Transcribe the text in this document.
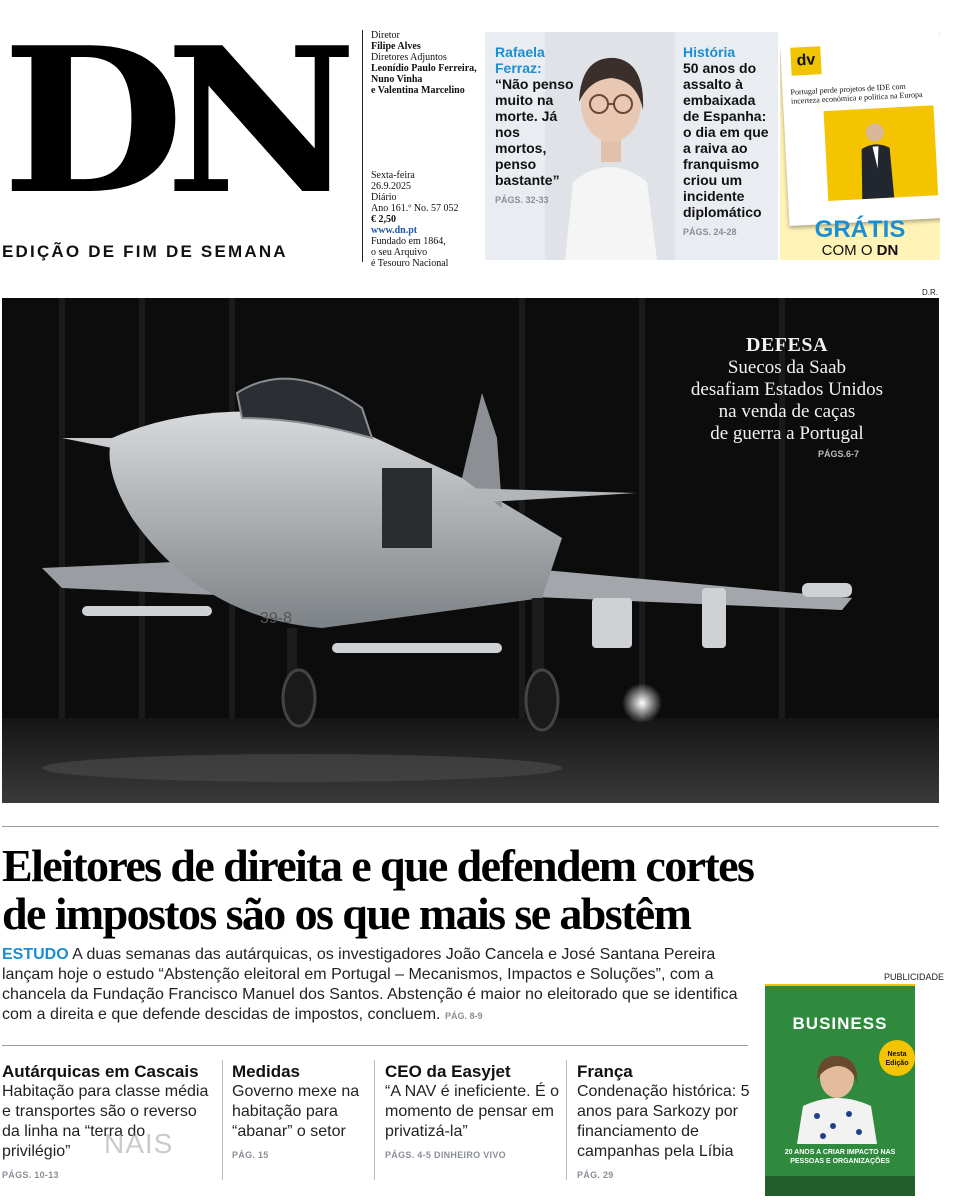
DN
EDIÇÃO DE FIM DE SEMANA
Diretor
Filipe Alves
Diretores Adjuntos
Leonídio Paulo Ferreira,
Nuno Vinha
e Valentina Marcelino
Sexta-feira
26.9.2025
Diário
Ano 161.º No. 57 052
€ 2,50
www.dn.pt
Fundado em 1864,
o seu Arquivo
é Tesouro Nacional
Rafaela Ferraz:
“Não penso muito na morte. Já nos mortos, penso bastante”
PÁGS. 32-33
História
50 anos do assalto à embaixada de Espanha: o dia em que a raiva ao franquismo criou um incidente diplomático
PÁGS. 24-28
dv
Portugal perde projetos de IDE com incerteza económica e política na Europa
GRÁTIS
COM O DN
D.R.
39-8
DEFESA
Suecos da Saab
desafiam Estados Unidos
na venda de caças
de guerra a Portugal
PÁGS.6-7
Eleitores de direita e que defendem cortes
de impostos são os que mais se abstêm
ESTUDO A duas semanas das autárquicas, os investigadores João Cancela e José Santana Pereira lançam hoje o estudo “Abstenção eleitoral em Portugal – Mecanismos, Impactos e Soluções”, com a chancela da Fundação Francisco Manuel dos Santos. Abstenção é maior no eleitorado que se identifica com a direita e que defende descidas de impostos, concluem. PÁG. 8-9
Autárquicas em Cascais

Habitação para classe média e transportes são o reverso da linha na “terra do privilégio”

PÁGS. 10-13
Medidas

Governo mexe na habitação para “abanar” o setor

PÁG. 15
CEO da Easyjet

“A NAV é ineficiente. É o momento de pensar em privatizá-la”

PÁGS. 4-5 DINHEIRO VIVO
França

Condenação histórica: 5 anos para Sarkozy por financiamento de campanhas pela Líbia

PÁG. 29
NAIS
PUBLICIDADE
BUSINESS
Nesta Edição
20 ANOS A CRIAR IMPACTO NAS PESSOAS E ORGANIZAÇÕES
